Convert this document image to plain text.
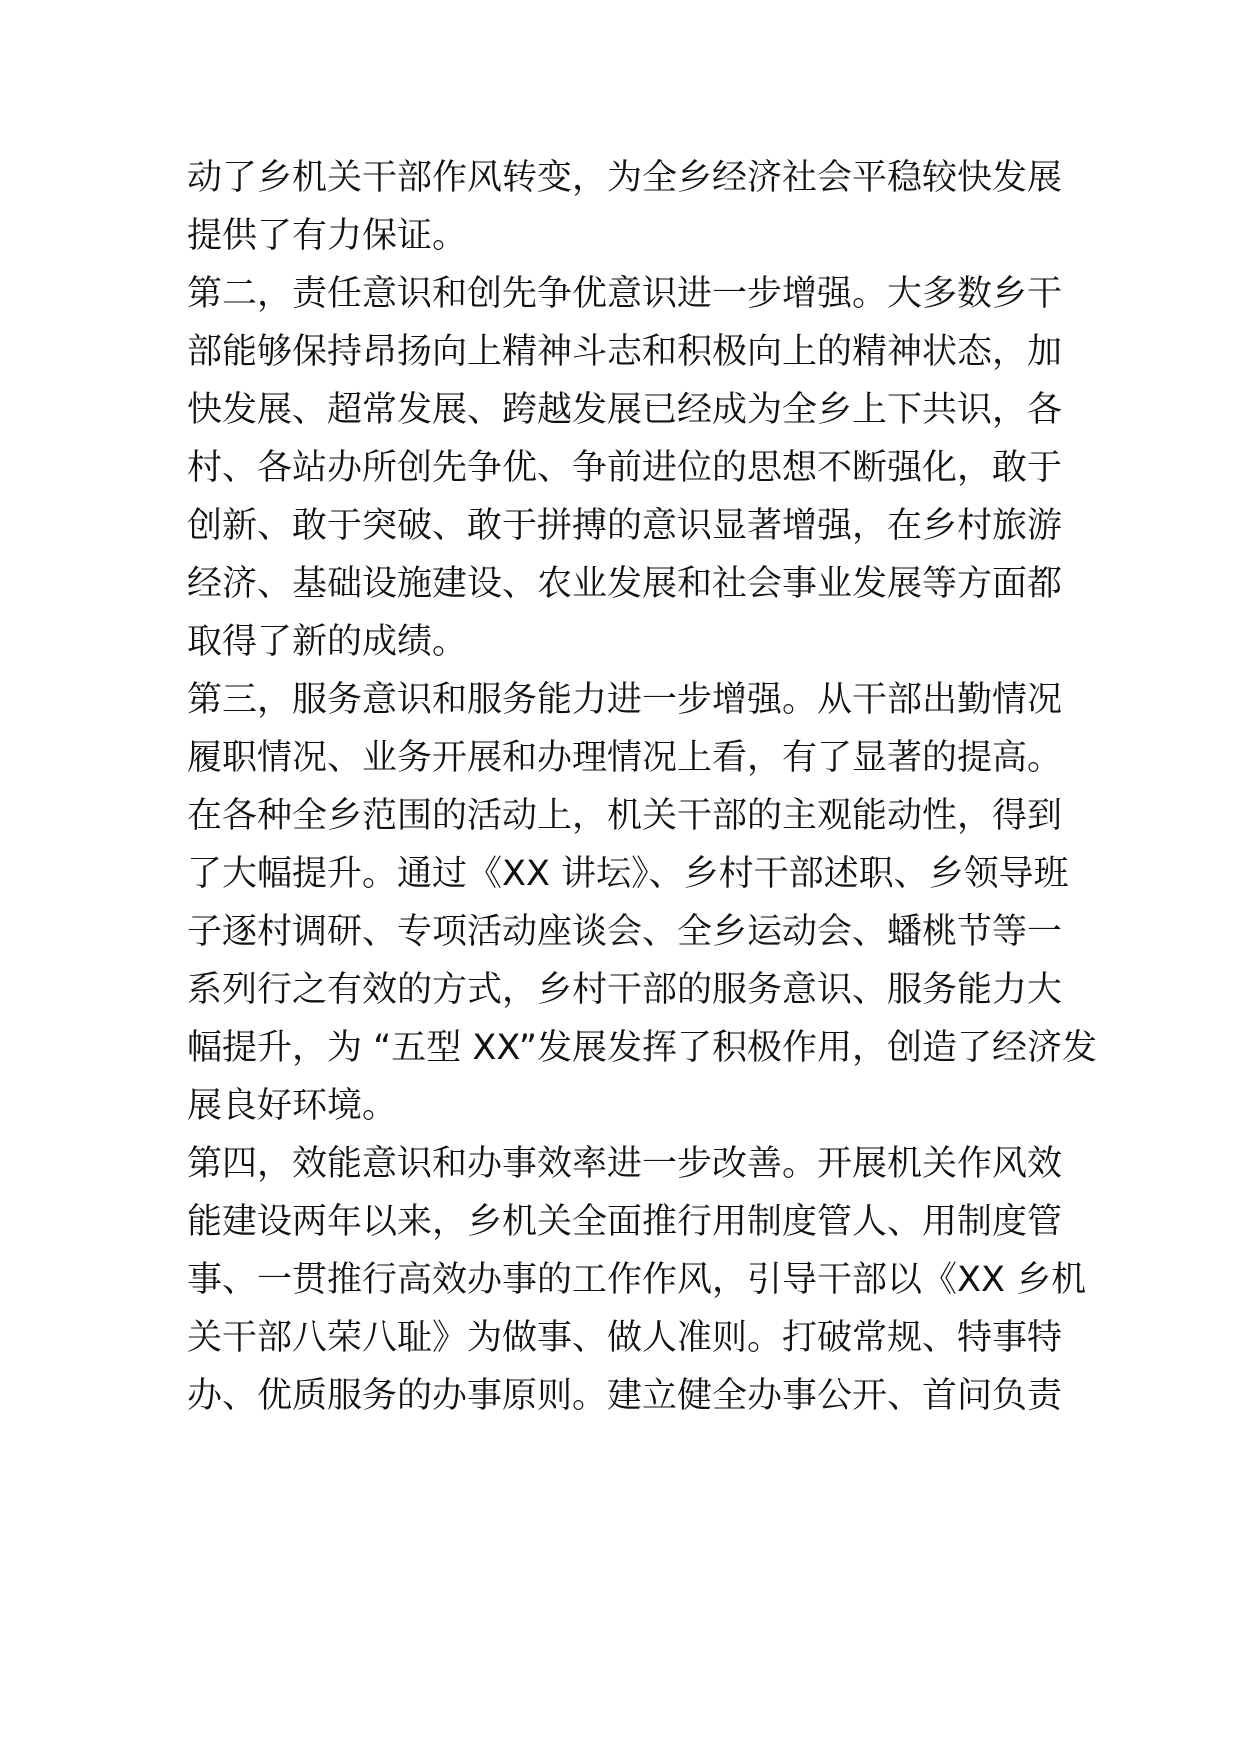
动了乡机关干部作风转变，为全乡经济社会平稳较快发展
提供了有力保证。
第二，责任意识和创先争优意识进一步增强。大多数乡干
部能够保持昂扬向上精神斗志和积极向上的精神状态，加
快发展、超常发展、跨越发展已经成为全乡上下共识，各
村、各站办所创先争优、争前进位的思想不断强化，敢于
创新、敢于突破、敢于拼搏的意识显著增强，在乡村旅游
经济、基础设施建设、农业发展和社会事业发展等方面都
取得了新的成绩。
第三，服务意识和服务能力进一步增强。从干部出勤情况
履职情况、业务开展和办理情况上看，有了显著的提高。
在各种全乡范围的活动上，机关干部的主观能动性，得到
了大幅提升。通过《XX 讲坛》、乡村干部述职、乡领导班
子逐村调研、专项活动座谈会、全乡运动会、蟠桃节等一
系列行之有效的方式，乡村干部的服务意识、服务能力大
幅提升，为 “五型 XX”发展发挥了积极作用，创造了经济发
展良好环境。
第四，效能意识和办事效率进一步改善。开展机关作风效
能建设两年以来，乡机关全面推行用制度管人、用制度管
事、一贯推行高效办事的工作作风，引导干部以《XX 乡机
关干部八荣八耻》为做事、做人准则。打破常规、特事特
办、优质服务的办事原则。建立健全办事公开、首问负责
